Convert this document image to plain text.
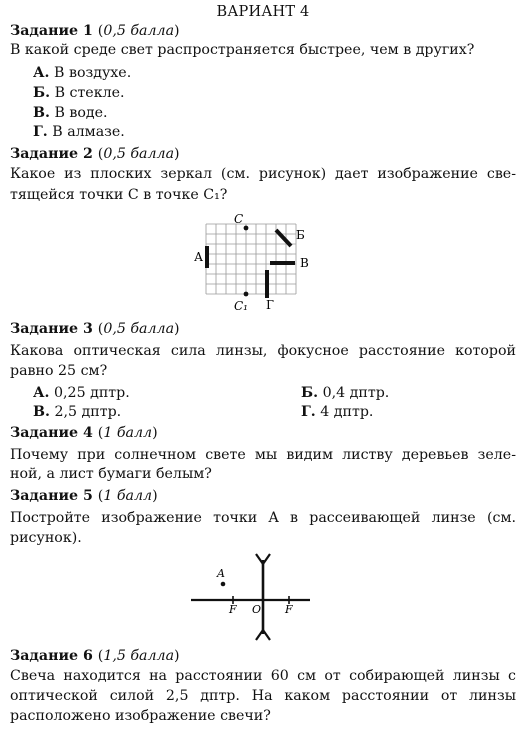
ВАРИАНТ 4
Задание 1 (0,5 балла)
В какой среде свет распространяется быстрее, чем в других?
А. В воздухе.
Б. В стекле.
В. В воде.
Г. В алмазе.
Задание 2 (0,5 балла)
Какое из плоских зеркал (см. рисунок) дает изображение све-
тящейся точки C в точке C₁?
C
C₁
А
Б
В
Г
Задание 3 (0,5 балла)
Какова оптическая сила линзы, фокусное расстояние которой
равно 25 см?
А. 0,25 дптр.	Б. 0,4 дптр.
В. 2,5 дптр.	Г. 4 дптр.
Задание 4 (1 балл)
Почему при солнечном свете мы видим листву деревьев зеле-
ной, а лист бумаги белым?
Задание 5 (1 балл)
Постройте изображение точки A в рассеивающей линзе (см.
рисунок).
A
F O F
Задание 6 (1,5 балла)
Свеча находится на расстоянии 60 см от собирающей линзы с
оптической силой 2,5 дптр. На каком расстоянии от линзы
расположено изображение свечи?
